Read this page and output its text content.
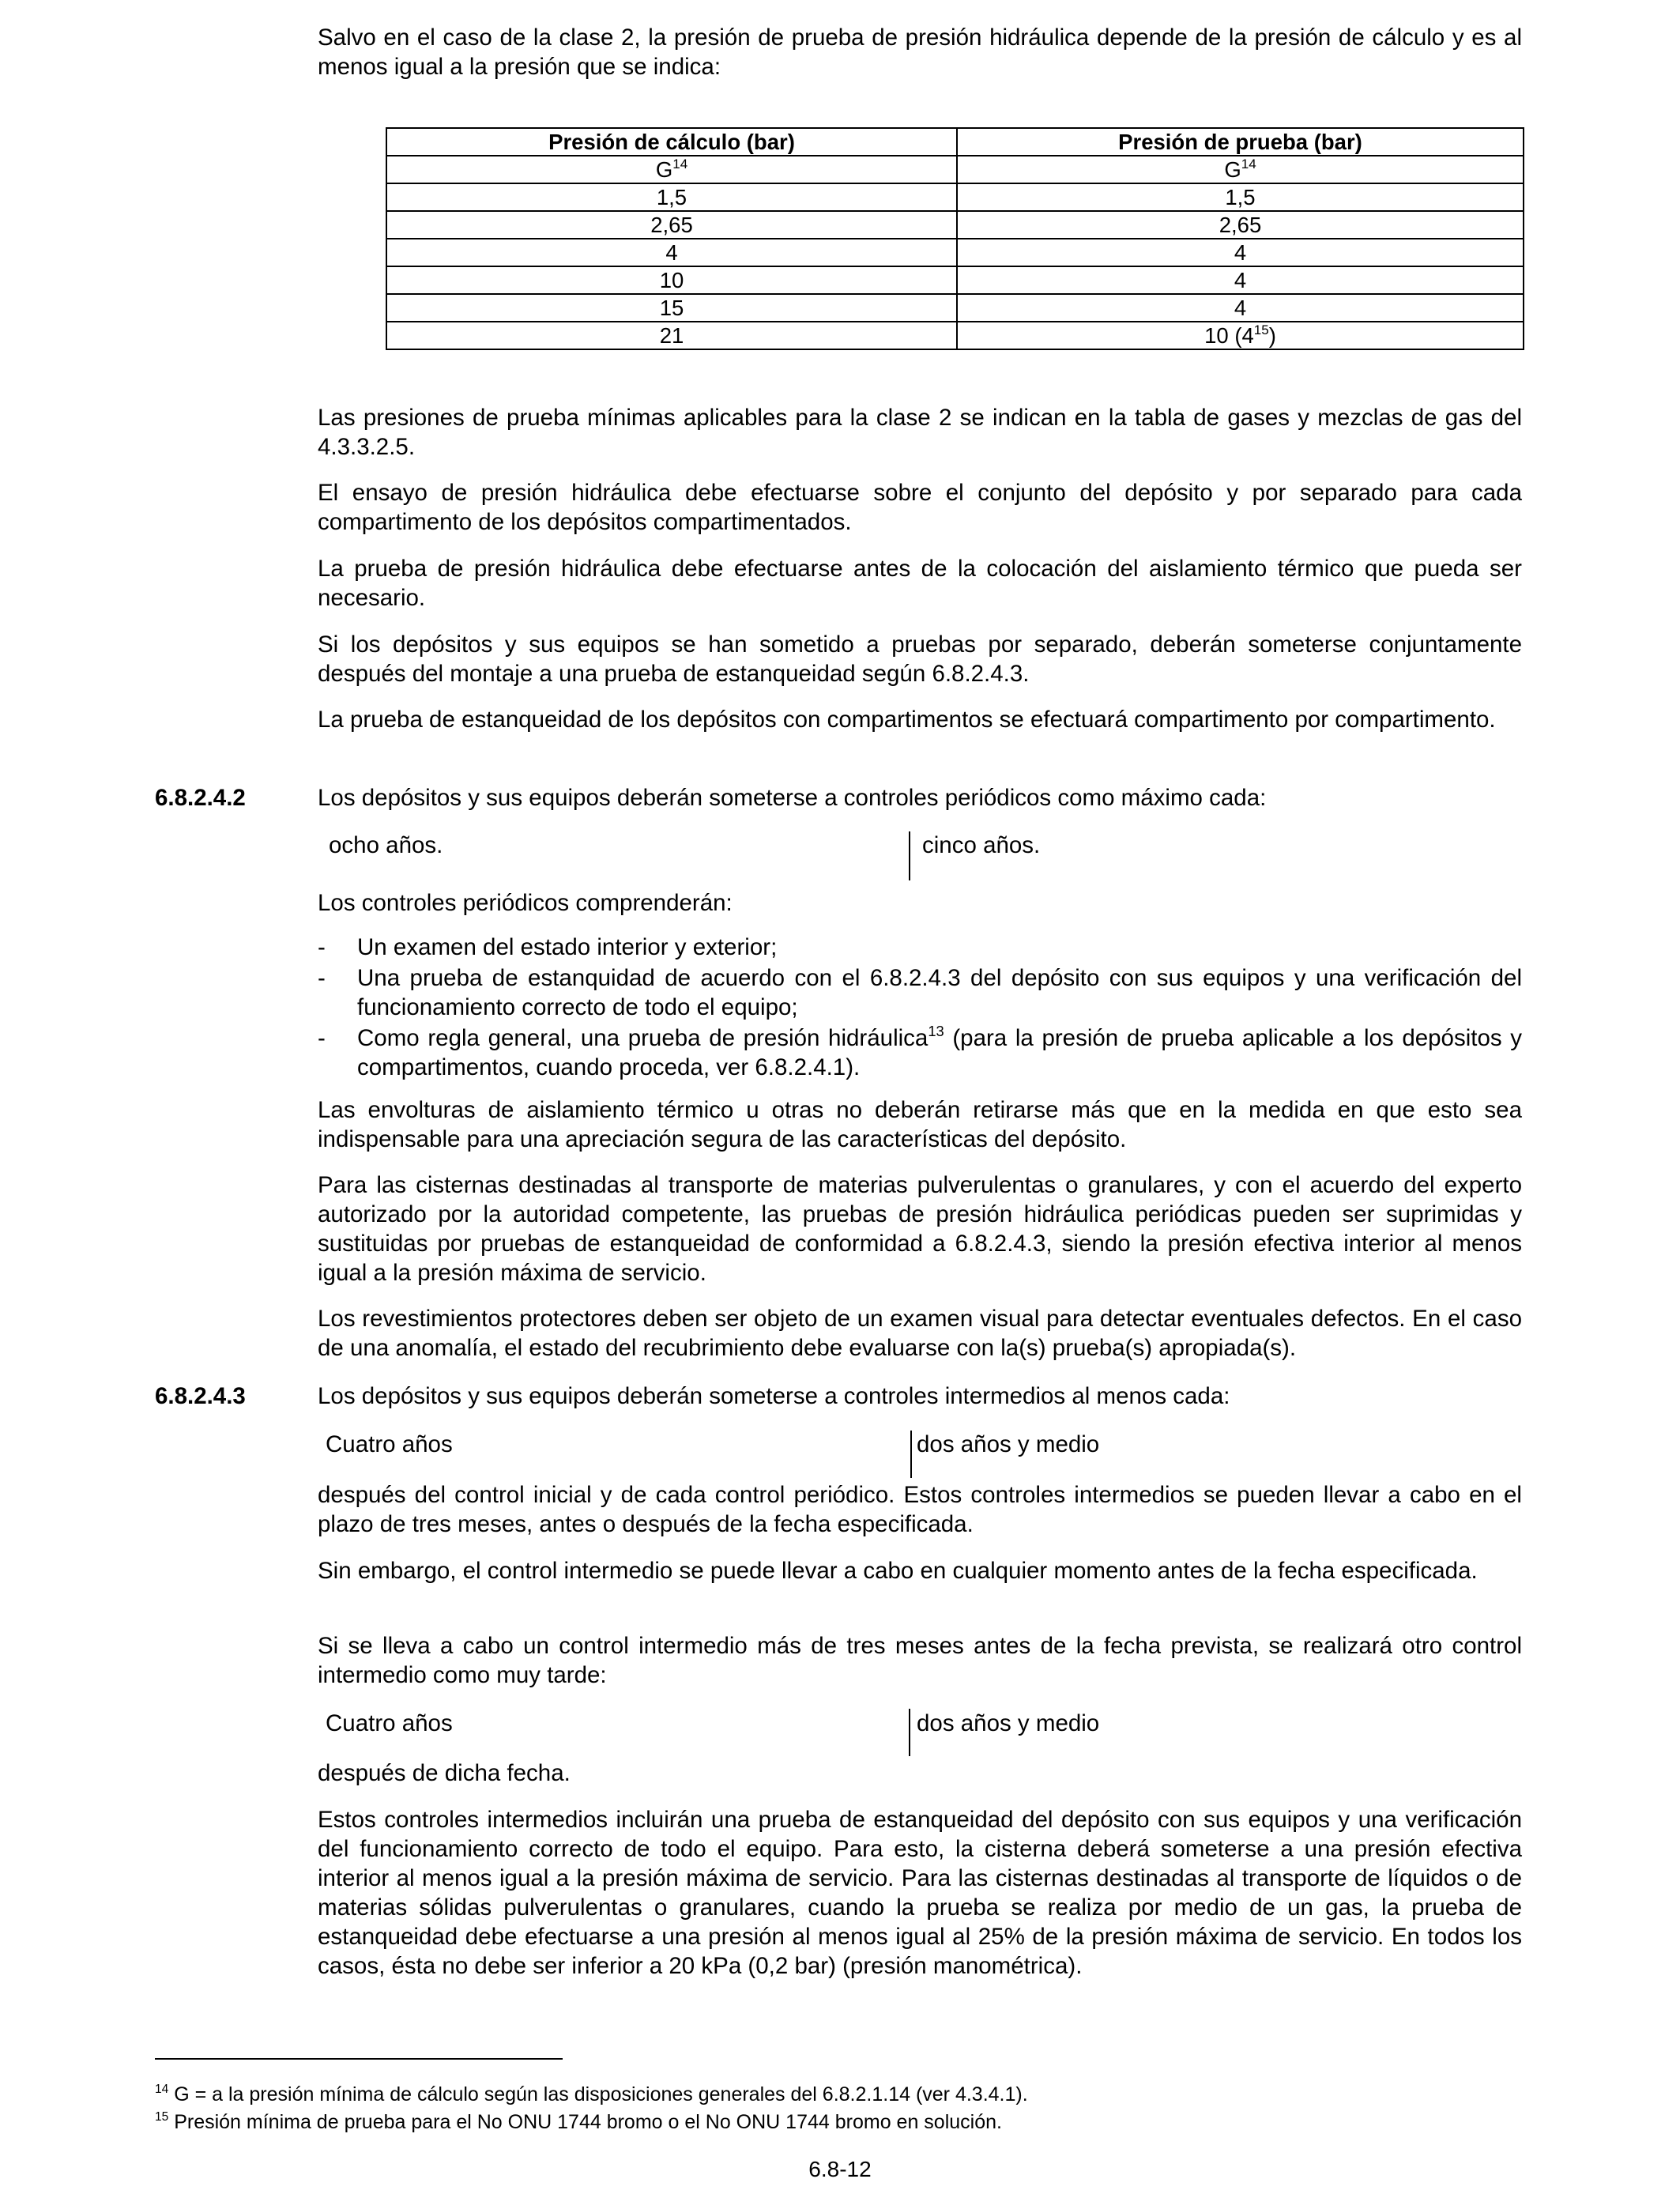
Salvo en el caso de la clase 2, la presión de prueba de presión hidráulica depende de la presión de cálculo y es al menos igual a la presión que se indica:

Presión de cálculo (bar)	Presión de prueba (bar)
$G^{14}$	$G^{14}$
1,5	1,5
2,65	2,65
4	4
10	4
15	4
21	10 $(4^{15})$

Las presiones de prueba mínimas aplicables para la clase 2 se indican en la tabla de gases y mezclas de gas del 4.3.3.2.5.

El ensayo de presión hidráulica debe efectuarse sobre el conjunto del depósito y por separado para cada compartimento de los depósitos compartimentados.

La prueba de presión hidráulica debe efectuarse antes de la colocación del aislamiento térmico que pueda ser necesario.

Si los depósitos y sus equipos se han sometido a pruebas por separado, deberán someterse conjuntamente después del montaje a una prueba de estanqueidad según 6.8.2.4.3.

La prueba de estanqueidad de los depósitos con compartimentos se efectuará compartimento por compartimento.

6.8.2.4.2	Los depósitos y sus equipos deberán someterse a controles periódicos como máximo cada:

ocho años.	cinco años.

Los controles periódicos comprenderán:

- Un examen del estado interior y exterior;
- Una prueba de estanquidad de acuerdo con el 6.8.2.4.3 del depósito con sus equipos y una verificación del funcionamiento correcto de todo el equipo;
- Como regla general, una prueba de presión hidráulica$^{13}$ (para la presión de prueba aplicable a los depósitos y compartimentos, cuando proceda, ver 6.8.2.4.1).

Las envolturas de aislamiento térmico u otras no deberán retirarse más que en la medida en que esto sea indispensable para una apreciación segura de las características del depósito.

Para las cisternas destinadas al transporte de materias pulverulentas o granulares, y con el acuerdo del experto autorizado por la autoridad competente, las pruebas de presión hidráulica periódicas pueden ser suprimidas y sustituidas por pruebas de estanqueidad de conformidad a 6.8.2.4.3, siendo la presión efectiva interior al menos igual a la presión máxima de servicio.

Los revestimientos protectores deben ser objeto de un examen visual para detectar eventuales defectos. En el caso de una anomalía, el estado del recubrimiento debe evaluarse con la(s) prueba(s) apropiada(s).

6.8.2.4.3	Los depósitos y sus equipos deberán someterse a controles intermedios al menos cada:

Cuatro años	dos años y medio

después del control inicial y de cada control periódico. Estos controles intermedios se pueden llevar a cabo en el plazo de tres meses, antes o después de la fecha especificada.

Sin embargo, el control intermedio se puede llevar a cabo en cualquier momento antes de la fecha especificada.

Si se lleva a cabo un control intermedio más de tres meses antes de la fecha prevista, se realizará otro control intermedio como muy tarde:

Cuatro años	dos años y medio

después de dicha fecha.

Estos controles intermedios incluirán una prueba de estanqueidad del depósito con sus equipos y una verificación del funcionamiento correcto de todo el equipo. Para esto, la cisterna deberá someterse a una presión efectiva interior al menos igual a la presión máxima de servicio. Para las cisternas destinadas al transporte de líquidos o de materias sólidas pulverulentas o granulares, cuando la prueba se realiza por medio de un gas, la prueba de estanqueidad debe efectuarse a una presión al menos igual al 25% de la presión máxima de servicio. En todos los casos, ésta no debe ser inferior a 20 kPa (0,2 bar) (presión manométrica).

$^{14}$ G = a la presión mínima de cálculo según las disposiciones generales del 6.8.2.1.14 (ver 4.3.4.1).
$^{15}$ Presión mínima de prueba para el No ONU 1744 bromo o el No ONU 1744 bromo en solución.
6.8-12
